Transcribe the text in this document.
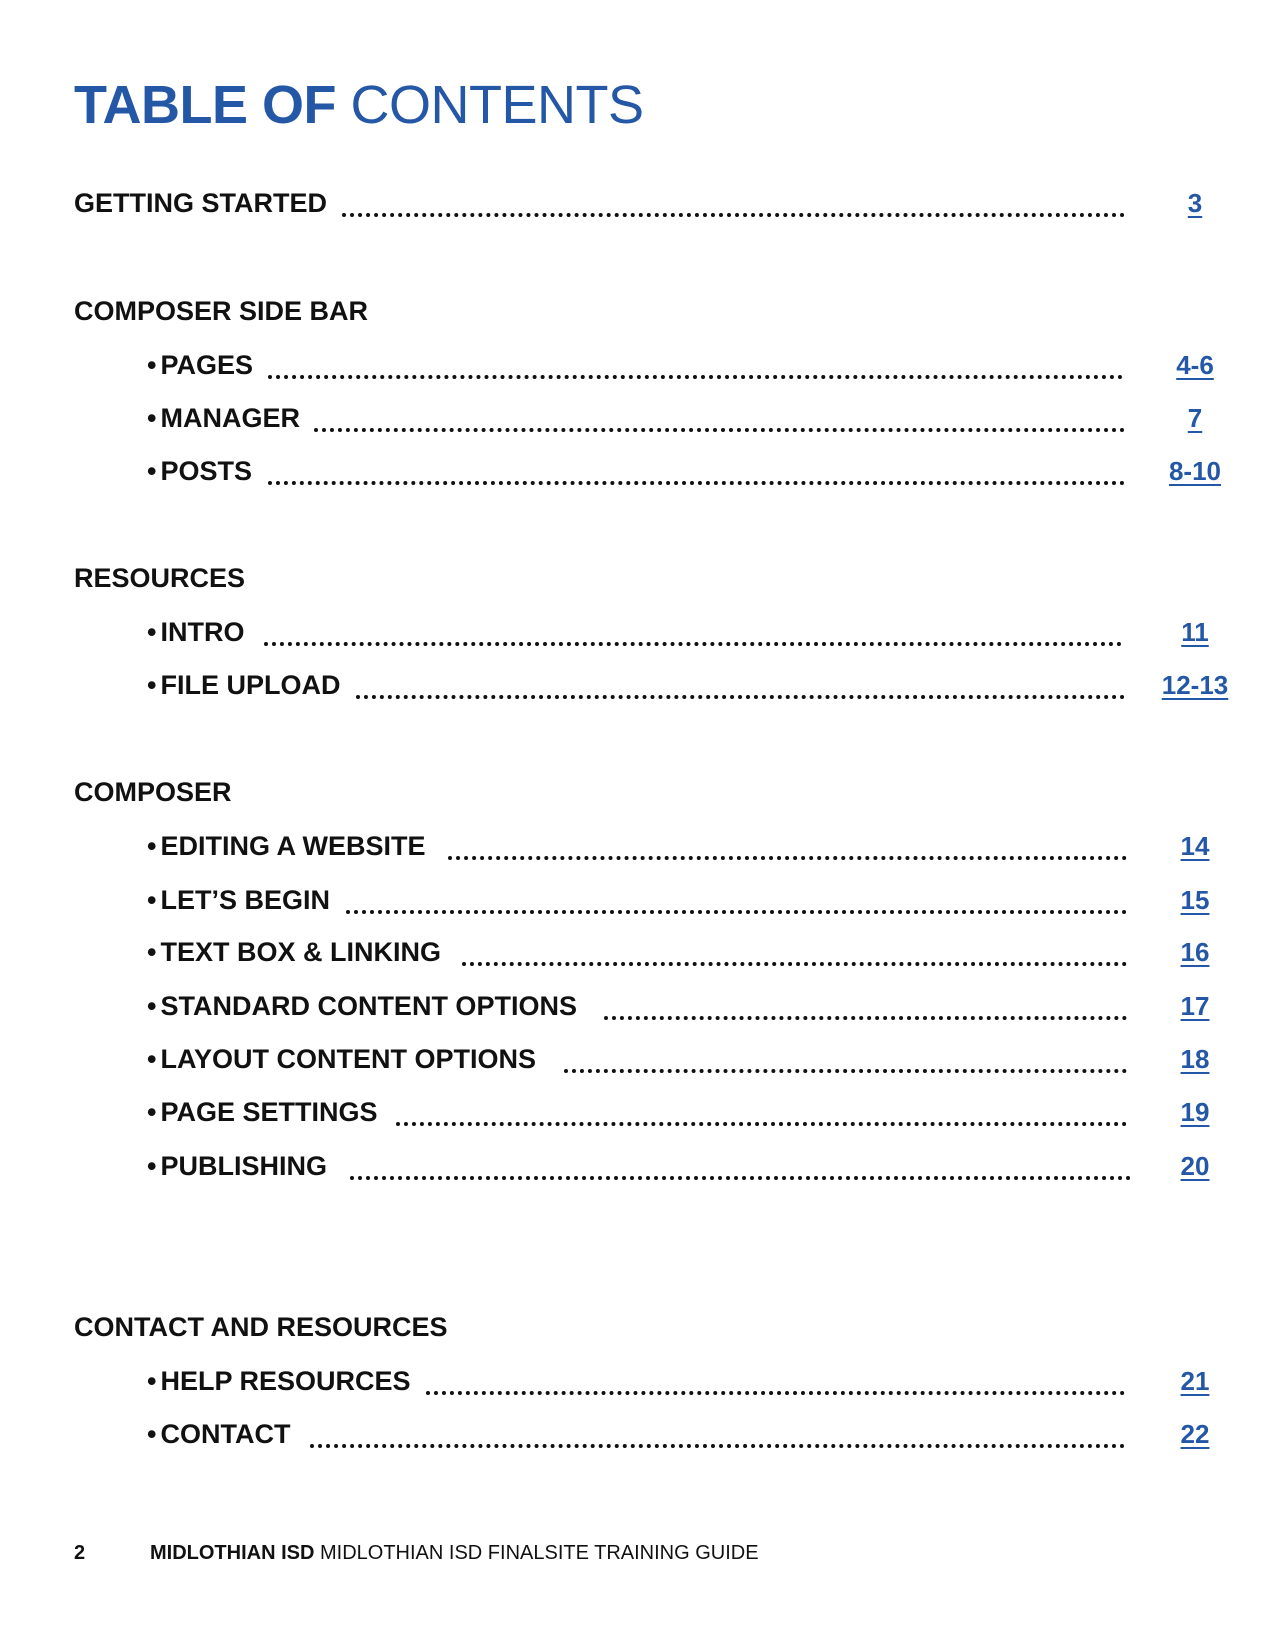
TABLE OF CONTENTS
GETTING STARTED	3
COMPOSER SIDE BAR
• PAGES	4-6
• MANAGER	7
• POSTS	8-10
RESOURCES
• INTRO	11
• FILE UPLOAD	12-13
COMPOSER
• EDITING A WEBSITE	14
• LET’S BEGIN	15
• TEXT BOX & LINKING	16
• STANDARD CONTENT OPTIONS	17
• LAYOUT CONTENT OPTIONS	18
• PAGE SETTINGS	19
• PUBLISHING	20
CONTACT AND RESOURCES
• HELP RESOURCES	21
• CONTACT	22
2	MIDLOTHIAN ISD MIDLOTHIAN ISD FINALSITE TRAINING GUIDE
